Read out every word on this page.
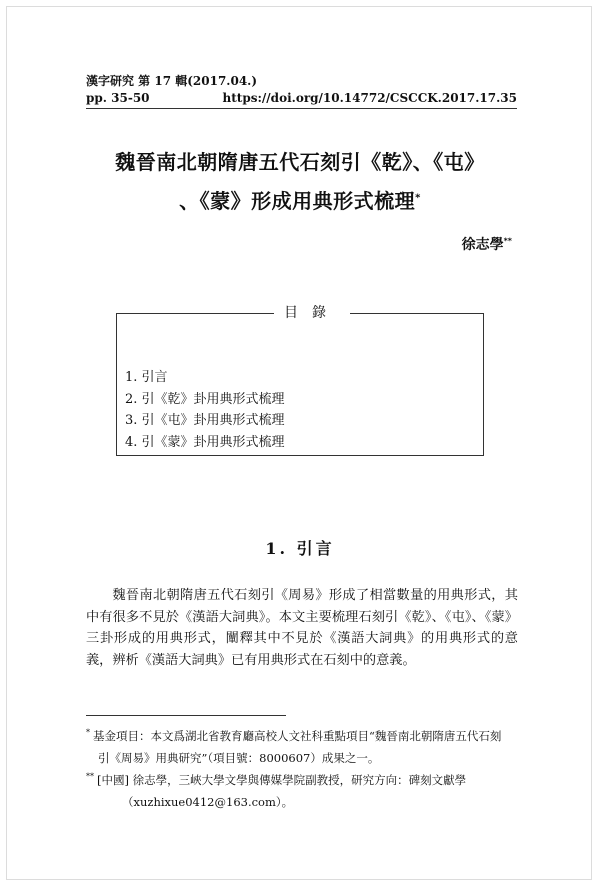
漢字研究 第 17 輯(2017.04.)
pp. 35-50	https://doi.org/10.14772/CSCCK.2017.17.35
魏晉南北朝隋唐五代石刻引《乾》、《屯》
、《蒙》形成用典形式梳理*
徐志學**
目錄
1. 引言
2. 引《乾》卦用典形式梳理
3. 引《屯》卦用典形式梳理
4. 引《蒙》卦用典形式梳理
1. 引言

魏晉南北朝隋唐五代石刻引《周易》形成了相當數量的用典形式，其中有很多不見於《漢語大詞典》。本文主要梳理石刻引《乾》、《屯》、《蒙》三卦形成的用典形式，闡釋其中不見於《漢語大詞典》的用典形式的意義，辨析《漢語大詞典》已有用典形式在石刻中的意義。

* 基金項目：本文爲湖北省教育廳高校人文社科重點項目“魏晉南北朝隋唐五代石刻
引《周易》用典研究”（項目號：8000607）成果之一。
** [中國] 徐志學，三峽大學文學與傳媒學院副教授，研究方向：碑刻文獻學
（xuzhixue0412@163.com）。
